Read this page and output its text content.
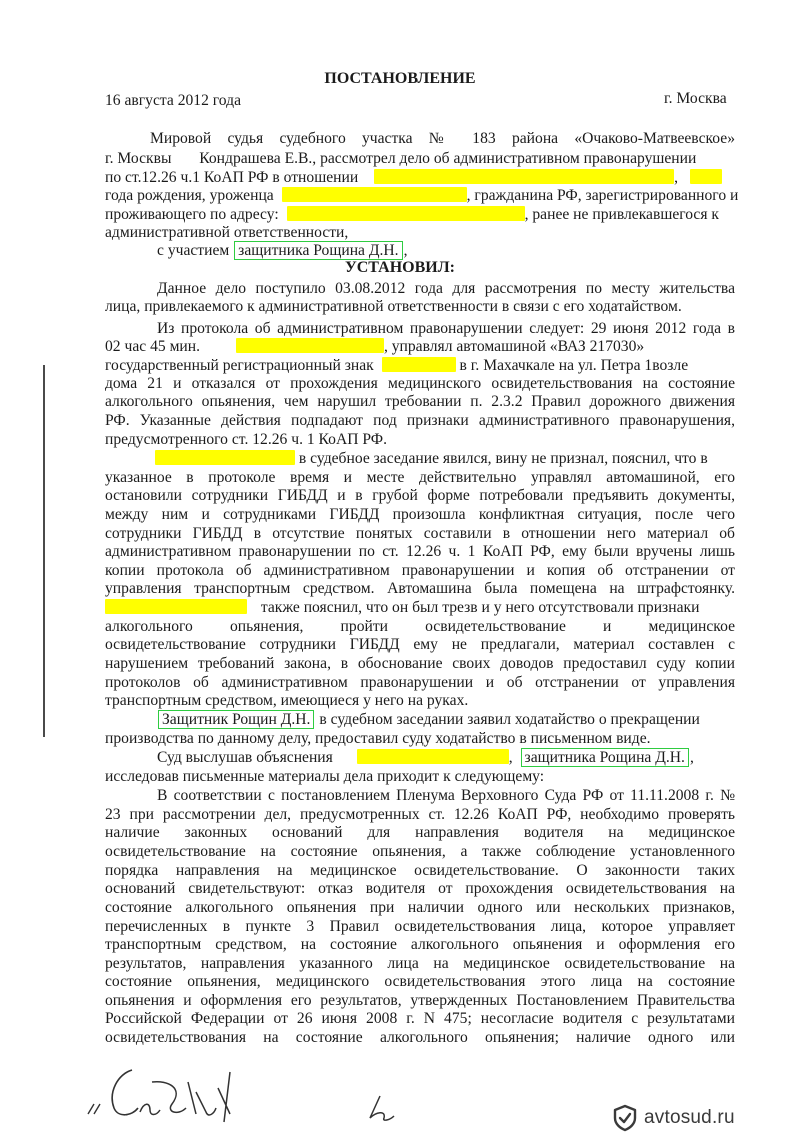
ПОСТАНОВЛЕНИЕ
16 августа 2012 года	г. Москва
Мировой судья судебного участка № 183 района «Очаково-Матвеевское»
г. Москвы Кондрашева Е.В., рассмотрел дело об административном правонарушении
по ст.12.26 ч.1 КоАП РФ в отношении	,
года рождения, уроженца	, гражданина РФ, зарегистрированного и
проживающего по адресу:	, ранее не привлекавшегося к
административной ответственности,
с участием защитника Рощина Д.Н. ,
УСТАНОВИЛ:
Данное дело поступило 03.08.2012 года для рассмотрения по месту жительства
лица, привлекаемого к административной ответственности в связи с его ходатайством.
Из протокола об административном правонарушении следует: 29 июня 2012 года в
02 час 45 мин.	, управлял автомашиной «ВАЗ 217030»
государственный регистрационный знак	в г. Махачкале на ул. Петра 1возле
дома 21 и отказался от прохождения медицинского освидетельствования на состояние
алкогольного опьянения, чем нарушил требовании п. 2.3.2 Правил дорожного движения
РФ. Указанные действия подпадают под признаки административного правонарушения,
предусмотренного ст. 12.26 ч. 1 КоАП РФ.
в судебное заседание явился, вину не признал, пояснил, что в
указанное в протоколе время и месте действительно управлял автомашиной, его
остановили сотрудники ГИБДД и в грубой форме потребовали предъявить документы,
между ним и сотрудниками ГИБДД произошла конфликтная ситуация, после чего
сотрудники ГИБДД в отсутствие понятых составили в отношении него материал об
административном правонарушении по ст. 12.26 ч. 1 КоАП РФ, ему были вручены лишь
копии протокола об административном правонарушении и копия об отстранении от
управления транспортным средством. Автомашина была помещена на штрафстоянку.
также пояснил, что он был трезв и у него отсутствовали признаки
алкогольного опьянения, пройти освидетельствование и медицинское
освидетельствование сотрудники ГИБДД ему не предлагали, материал составлен с
нарушением требований закона, в обоснование своих доводов предоставил суду копии
протоколов об административном правонарушении и об отстранении от управления
транспортным средством, имеющиеся у него на руках.
Защитник Рощин Д.Н. в судебном заседании заявил ходатайство о прекращении
производства по данному делу, предоставил суду ходатайство в письменном виде.
Суд выслушав объяснения	, защитника Рощина Д.Н. ,
исследовав письменные материалы дела приходит к следующему:
В соответствии с постановлением Пленума Верховного Суда РФ от 11.11.2008 г. №
23 при рассмотрении дел, предусмотренных ст. 12.26 КоАП РФ, необходимо проверять
наличие законных оснований для направления водителя на медицинское
освидетельствование на состояние опьянения, а также соблюдение установленного
порядка направления на медицинское освидетельствование. О законности таких
оснований свидетельствуют: отказ водителя от прохождения освидетельствования на
состояние алкогольного опьянения при наличии одного или нескольких признаков,
перечисленных в пункте 3 Правил освидетельствования лица, которое управляет
транспортным средством, на состояние алкогольного опьянения и оформления его
результатов, направления указанного лица на медицинское освидетельствование на
состояние опьянения, медицинского освидетельствования этого лица на состояние
опьянения и оформления его результатов, утвержденных Постановлением Правительства
Российской Федерации от 26 июня 2008 г. N 475; несогласие водителя с результатами
освидетельствования на состояние алкогольного опьянения; наличие одного или
avtosud.ru
